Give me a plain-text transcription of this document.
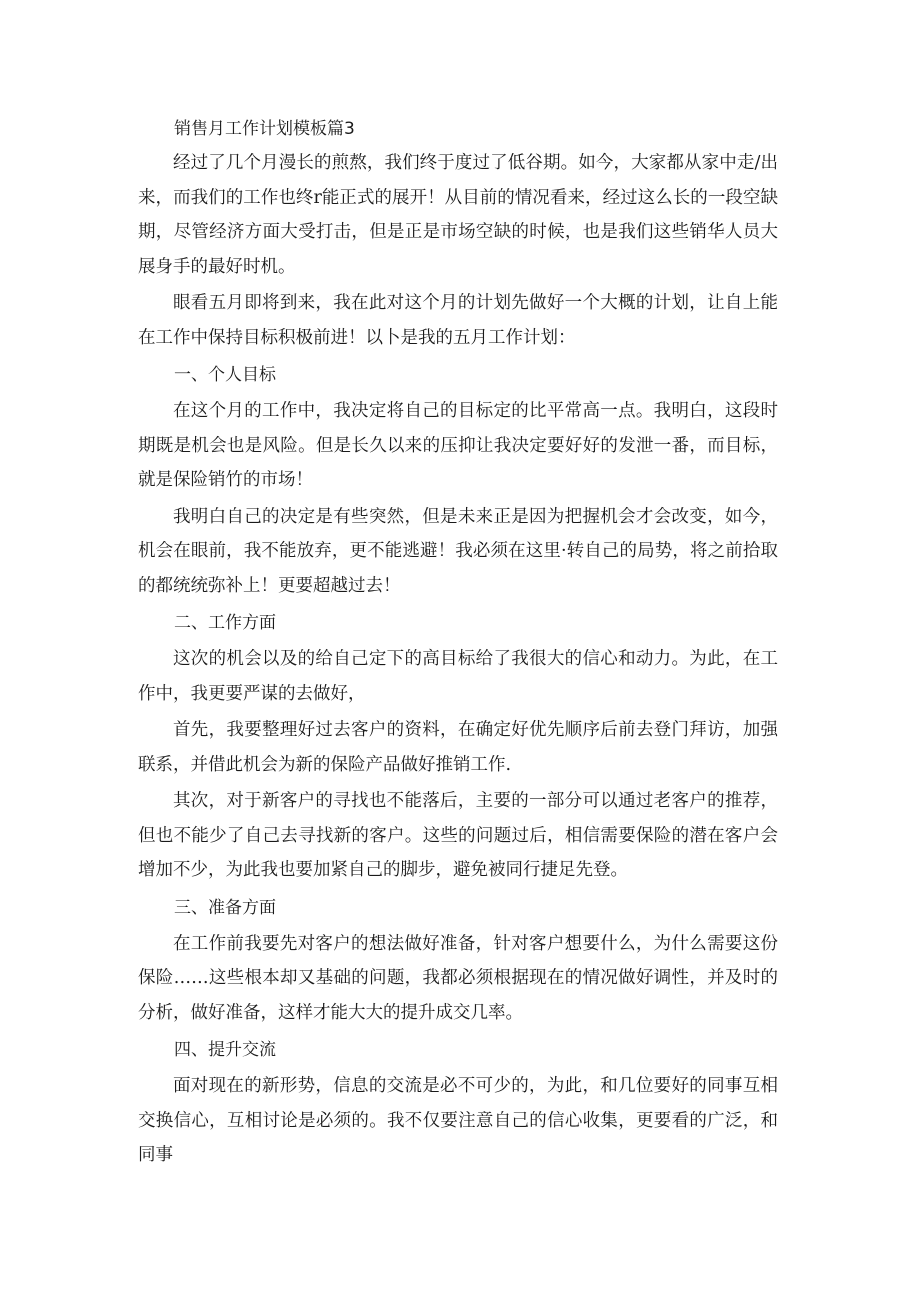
销售月工作计划模板篇3

经过了几个月漫长的煎熬，我们终于度过了低谷期。如今，大家都从家中走/出来，而我们的工作也终r能正式的展开！从目前的情况看来，经过这么长的一段空缺期，尽管经济方面大受打击，但是正是市场空缺的时候，也是我们这些销华人员大展身手的最好时机。

眼看五月即将到来，我在此对这个月的计划先做好一个大概的计划，让自上能在工作中保持目标积极前进！以卜是我的五月工作计划：

一、个人目标

在这个月的工作中，我决定将自己的目标定的比平常高一点。我明白，这段时期既是机会也是风险。但是长久以来的压抑让我决定要好好的发泄一番，而目标，就是保险销竹的市场！

我明白自己的决定是有些突然，但是未来正是因为把握机会才会改变，如今，机会在眼前，我不能放弃，更不能逃避！我必须在这里·转自己的局势，将之前拾取的都统统弥补上！更要超越过去！

二、工作方面

这次的机会以及的给自己定下的高目标给了我很大的信心和动力。为此，在工作中，我更要严谋的去做好，

首先，我要整理好过去客户的资料，在确定好优先顺序后前去登门拜访，加强联系，并借此机会为新的保险产品做好推销工作.

其次，对于新客户的寻找也不能落后，主要的一部分可以通过老客户的推荐，但也不能少了自己去寻找新的客户。这些的问题过后，相信需要保险的潜在客户会增加不少，为此我也要加紧自己的脚步，避免被同行捷足先登。

三、准备方面

在工作前我要先对客户的想法做好准备，针对客户想要什么，为什么需要这份保险……这些根本却又基础的问题，我都必须根据现在的情况做好调性，并及时的分析，做好准备，这样才能大大的提升成交几率。

四、提升交流

面对现在的新形势，信息的交流是必不可少的，为此，和几位要好的同事互相交换信心，互相讨论是必须的。我不仅要注意自己的信心收集，更要看的广泛，和同事
